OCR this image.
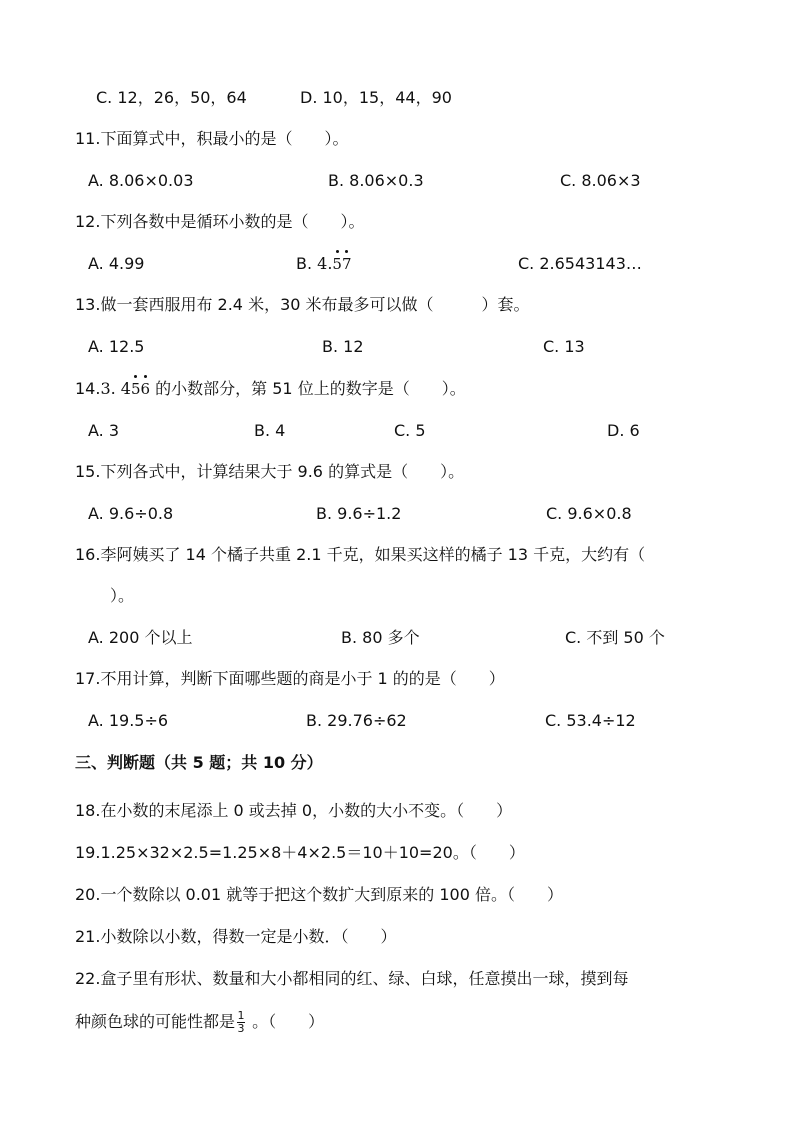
C. 12，26，50，64	D. 10，15，44，90
11.下面算式中，积最小的是（　　）。
A. 8.06×0.03	B. 8.06×0.3	C. 8.06×3
12.下列各数中是循环小数的是（　　）。
A. 4.99	B. 4.57	C. 2.6543143…
13.做一套西服用布 2.4 米，30 米布最多可以做（　　　）套。
A. 12.5	B. 12	C. 13
14.3. 456 的小数部分，第 51 位上的数字是（　　）。
A. 3	B. 4	C. 5	D. 6
15.下列各式中，计算结果大于 9.6 的算式是（　　）。
A. 9.6÷0.8	B. 9.6÷1.2	C. 9.6×0.8
16.李阿姨买了 14 个橘子共重 2.1 千克，如果买这样的橘子 13 千克，大约有（
）。
A. 200 个以上	B. 80 多个	C. 不到 50 个
17.不用计算，判断下面哪些题的商是小于 1 的的是（　　）
A. 19.5÷6	B. 29.76÷62	C. 53.4÷12
三、判断题（共 5 题；共 10 分）
18.在小数的末尾添上 0 或去掉 0，小数的大小不变。（　　）
19.1.25×32×2.5=1.25×8＋4×2.5＝10＋10=20。（　　）
20.一个数除以 0.01 就等于把这个数扩大到原来的 100 倍。（　　）
21.小数除以小数，得数一定是小数．（　　）
22.盒子里有形状、数量和大小都相同的红、绿、白球，任意摸出一球，摸到每
种颜色球的可能性都是 $\frac{1}{3}$ 。（　　）
